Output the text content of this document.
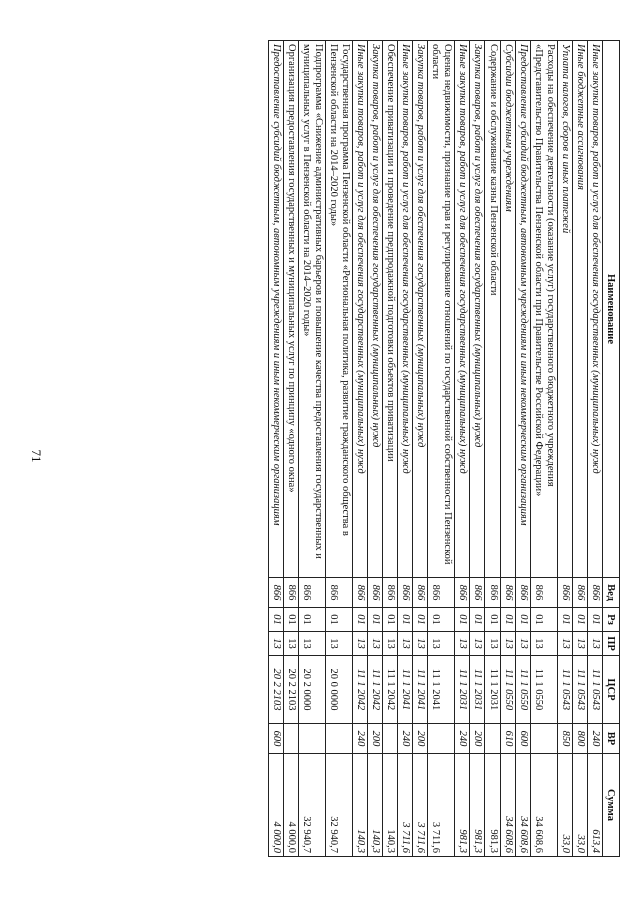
71
Наименование	Вед	Рз	ПР	ЦСР	ВР	Сумма
Иные закупки товаров, работ и услуг для обеспечения государственных (муниципальных) нужд	866	01	13	11 1 0543	240	613,4
Иные бюджетные ассигнования	866	01	13	11 1 0543	800	33,0
Уплата налогов, сборов и иных платежей	866	01	13	11 1 0543	850	33,0
Расходы на обеспечение деятельности (оказание услуг) государственного бюджетного учреждения «Представительство Правительства Пензенской области при Правительстве Российской Федерации»	866	01	13	11 1 0550		34 608,6
Предоставление субсидий бюджетным, автономным учреждениям и иным некоммерческим организациям	866	01	13	11 1 0550	600	34 608,6
Субсидии бюджетным учреждениям	866	01	13	11 1 0550	610	34 608,6
Содержание и обслуживание казны Пензенской области	866	01	13	11 1 2031		981,3
Закупка товаров, работ и услуг для обеспечения государственных (муниципальных) нужд	866	01	13	11 1 2031	200	981,3
Иные закупки товаров, работ и услуг для обеспечения государственных (муниципальных) нужд	866	01	13	11 1 2031	240	981,3
Оценка недвижимости, признание прав и регулирование отношений по государственной собственности Пензенской области	866	01	13	11 1 2041		3 711,6
Закупка товаров, работ и услуг для обеспечения государственных (муниципальных) нужд	866	01	13	11 1 2041	200	3 711,6
Иные закупки товаров, работ и услуг для обеспечения государственных (муниципальных) нужд	866	01	13	11 1 2041	240	3 711,6
Обеспечение приватизации и проведение предпродажной подготовки объектов приватизации	866	01	13	11 1 2042		140,3
Закупка товаров, работ и услуг для обеспечения государственных (муниципальных) нужд	866	01	13	11 1 2042	200	140,3
Иные закупки товаров, работ и услуг для обеспечения государственных (муниципальных) нужд	866	01	13	11 1 2042	240	140,3
Государственная программа Пензенской области «Региональная политика, развитие гражданского общества в Пензенской области на 2014–2020 годы»	866	01	13	20 0 0000		32 940,7
Подпрограмма «Снижение административных барьеров и повышение качества предоставления государственных и муниципальных услуг в Пензенской области на 2014–2020 годы»	866	01	13	20 2 0000		32 940,7
Организация предоставления государственных и муниципальных услуг по принципу «одного окна»	866	01	13	20 2 2103		4 000,0
Предоставление субсидий бюджетным, автономным учреждениям и иным некоммерческим организациям	866	01	13	20 2 2103	600	4 000,0
